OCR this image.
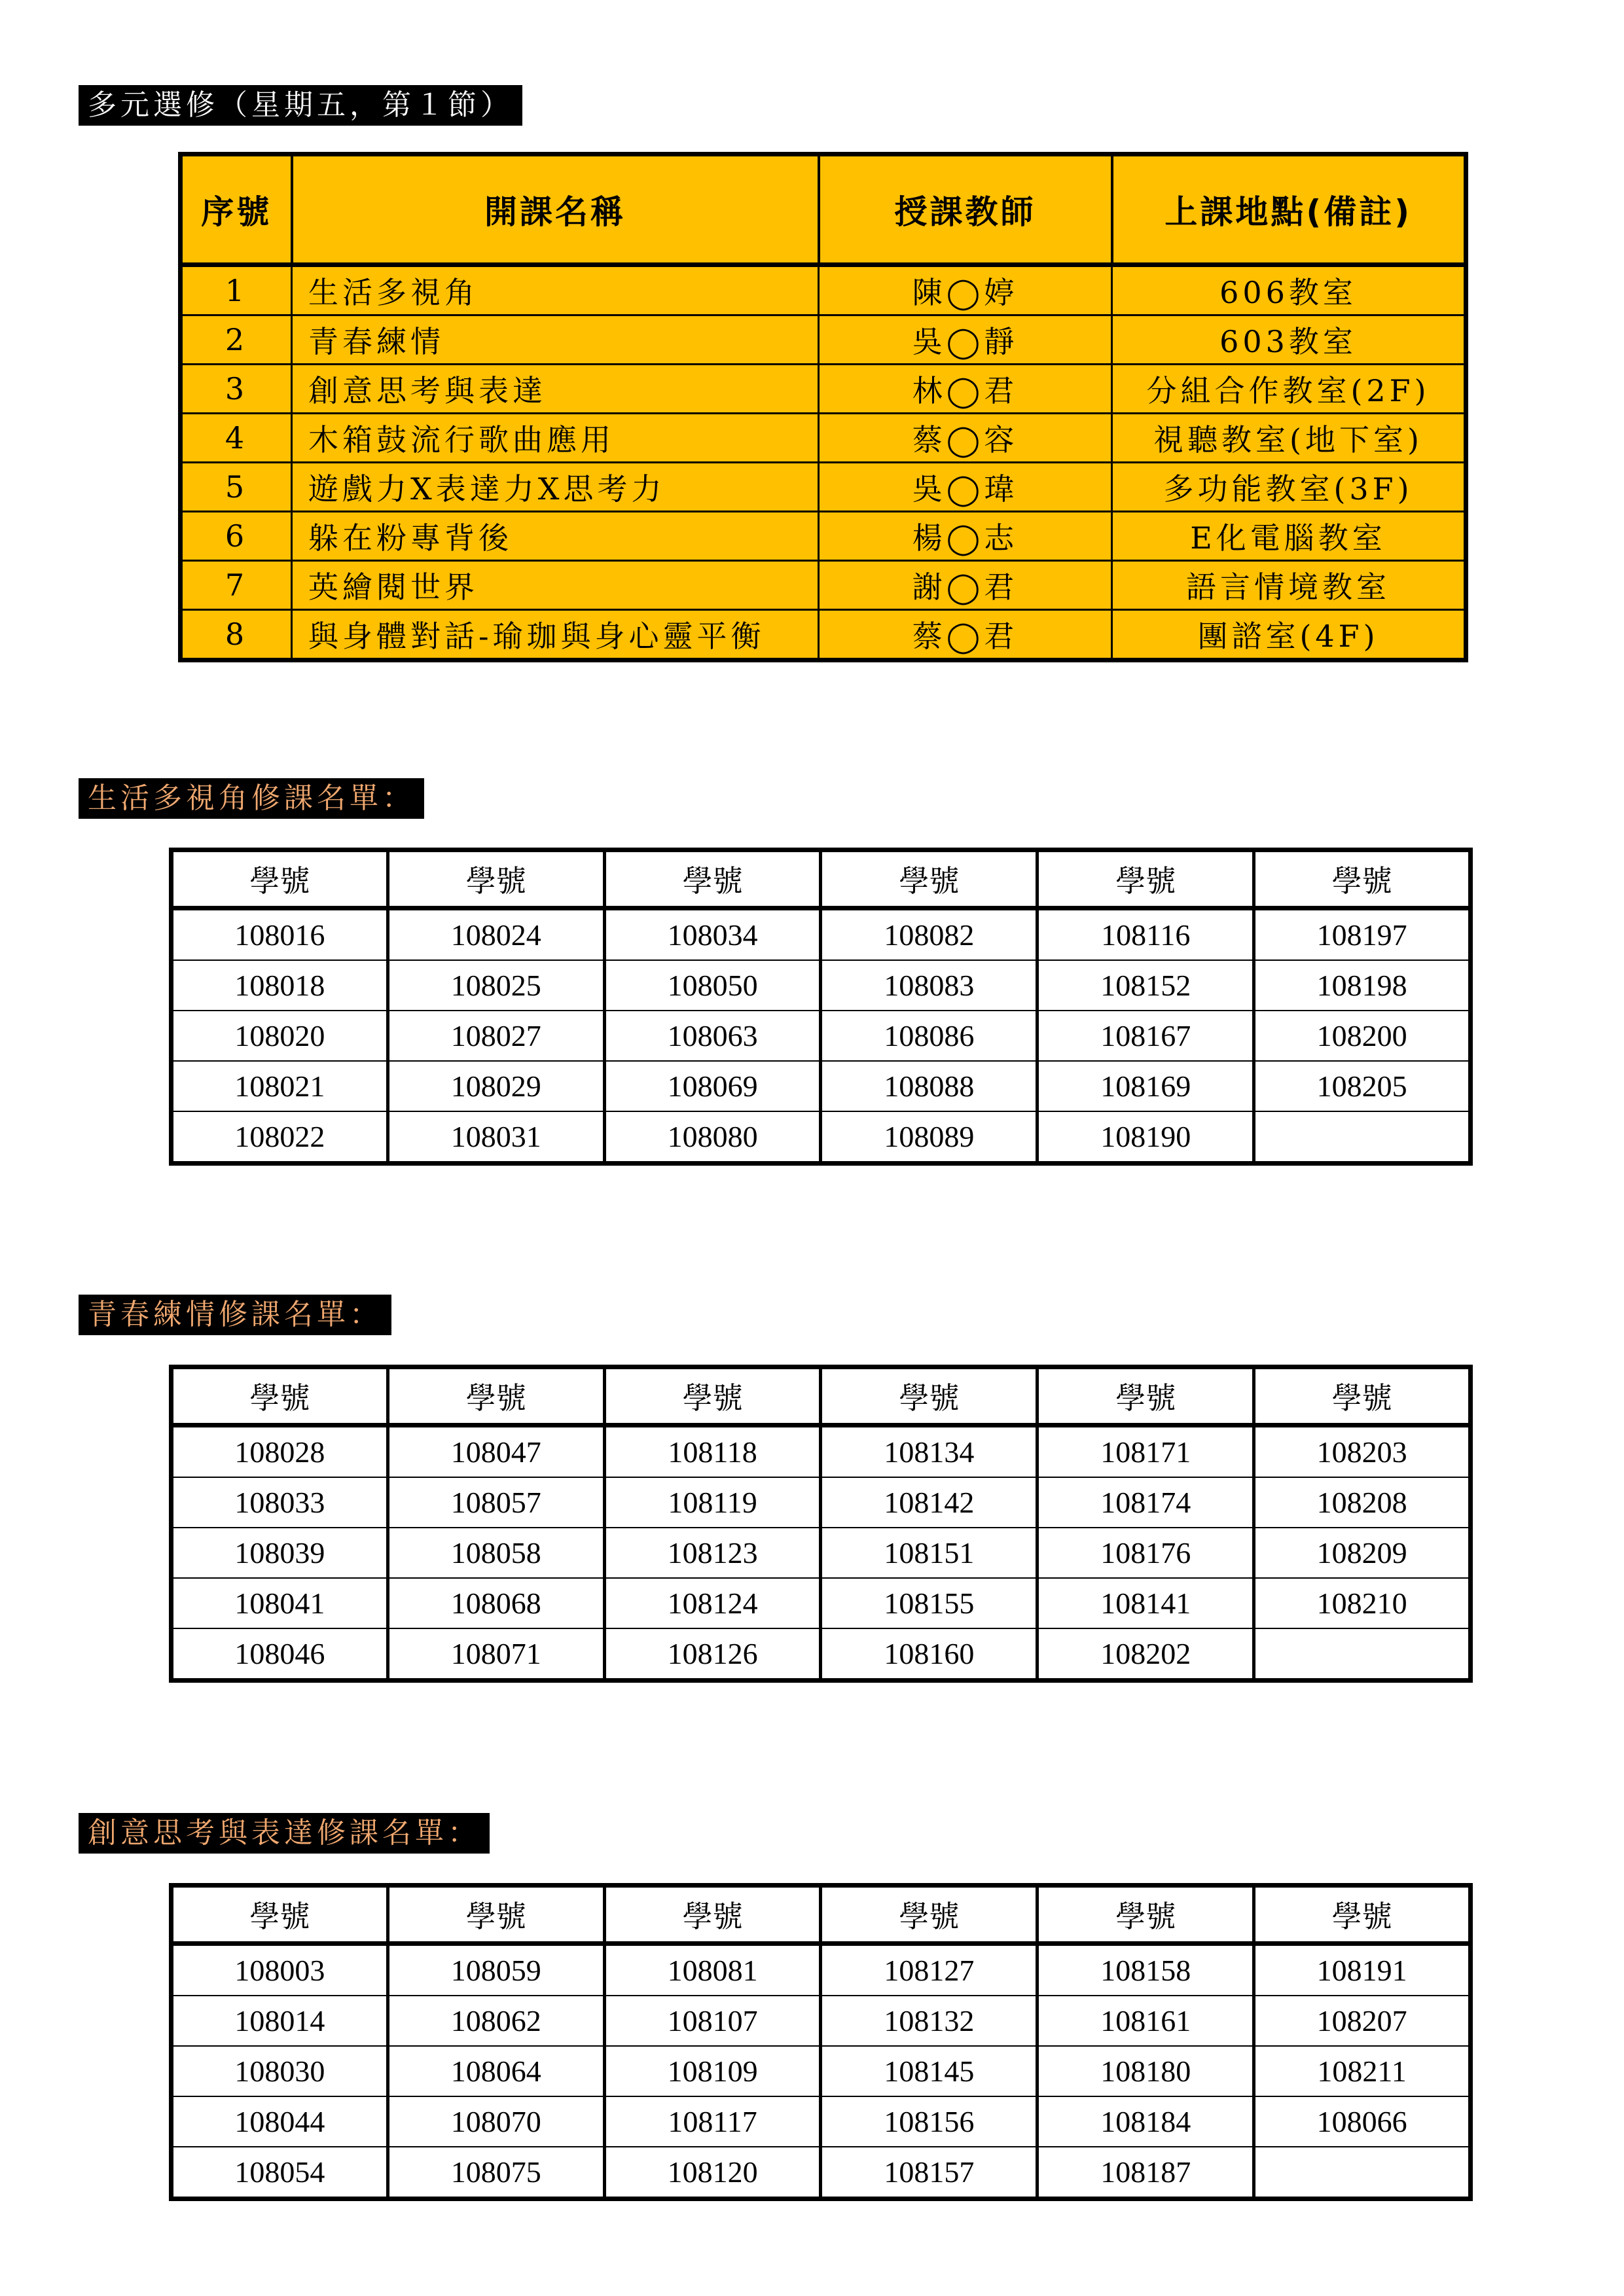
多元選修（星期五，第１節）
序號	開課名稱	授課教師	上課地點(備註)
1	生活多視角	陳◯婷	606教室
2	青春練情	吳◯靜	603教室
3	創意思考與表達	林◯君	分組合作教室(2F)
4	木箱鼓流行歌曲應用	蔡◯容	視聽教室(地下室)
5	遊戲力X表達力X思考力	吳◯瑋	多功能教室(3F)
6	躲在粉專背後	楊◯志	E化電腦教室
7	英繪閱世界	謝◯君	語言情境教室
8	與身體對話-瑜珈與身心靈平衡	蔡◯君	團諮室(4F)
生活多視角修課名單：
學號	學號	學號	學號	學號	學號
108016	108024	108034	108082	108116	108197
108018	108025	108050	108083	108152	108198
108020	108027	108063	108086	108167	108200
108021	108029	108069	108088	108169	108205
108022	108031	108080	108089	108190	
青春練情修課名單：
學號	學號	學號	學號	學號	學號
108028	108047	108118	108134	108171	108203
108033	108057	108119	108142	108174	108208
108039	108058	108123	108151	108176	108209
108041	108068	108124	108155	108141	108210
108046	108071	108126	108160	108202	
創意思考與表達修課名單：
學號	學號	學號	學號	學號	學號
108003	108059	108081	108127	108158	108191
108014	108062	108107	108132	108161	108207
108030	108064	108109	108145	108180	108211
108044	108070	108117	108156	108184	108066
108054	108075	108120	108157	108187	
